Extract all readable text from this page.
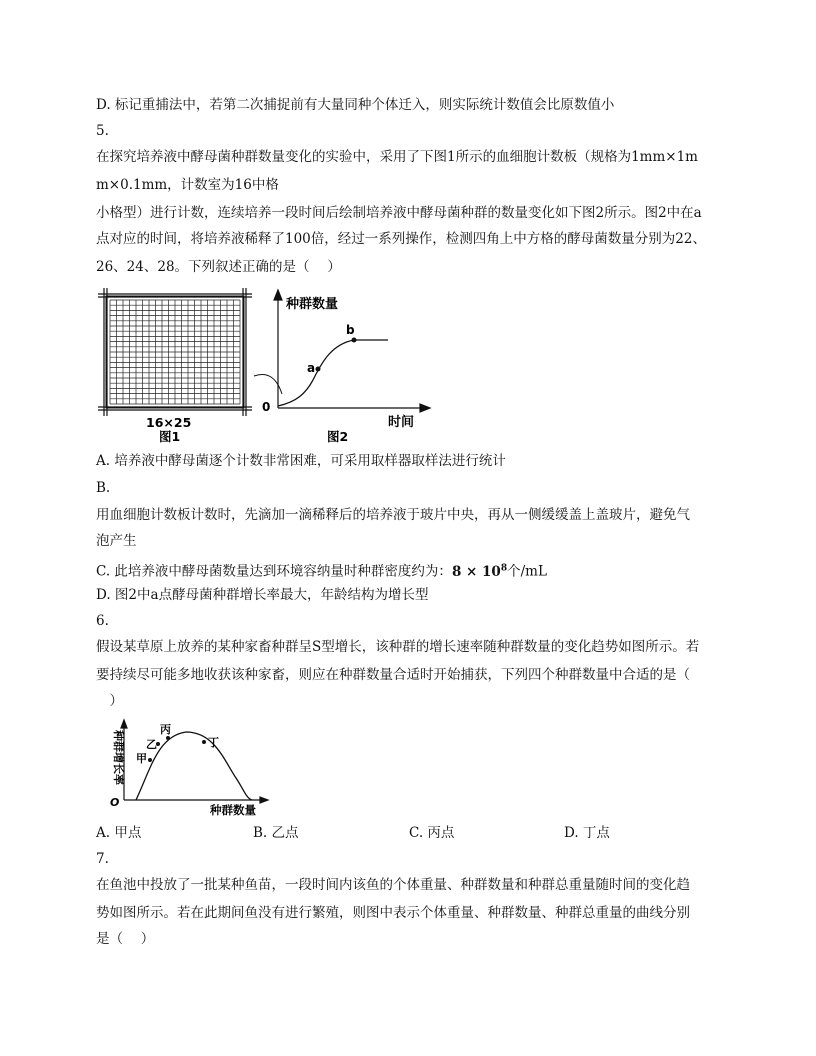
D. 标记重捕法中，若第二次捕捉前有大量同种个体迁入，则实际统计数值会比原数值小
5.
在探究培养液中酵母菌种群数量变化的实验中，采用了下图1所示的血细胞计数板（规格为1mm×1m
m×0.1mm，计数室为16中格
小格型）进行计数，连续培养一段时间后绘制培养液中酵母菌种群的数量变化如下图2所示。图2中在a
点对应的时间，将培养液稀释了100倍，经过一系列操作，检测四角上中方格的酵母菌数量分别为22、
26、24、28。下列叙述正确的是（　 ）
16×25
图1
种群数量
时间
0
a
b
图2
A. 培养液中酵母菌逐个计数非常困难，可采用取样器取样法进行统计
B.
用血细胞计数板计数时，先滴加一滴稀释后的培养液于玻片中央，再从一侧缓缓盖上盖玻片，避免气
泡产生
C. 此培养液中酵母菌数量达到环境容纳量时种群密度约为：$8 \times 10^8$个/mL
D. 图2中a点酵母菌种群增长率最大，年龄结构为增长型
6.
假设某草原上放养的某种家畜种群呈S型增长，该种群的增长速率随种群数量的变化趋势如图所示。若
要持续尽可能多地收获该种家畜，则应在种群数量合适时开始捕获，下列四个种群数量中合适的是（
　）
种群增长率
种群数量
O
甲
乙
丙
丁
A. 甲点	B. 乙点	C. 丙点	D. 丁点
7.
在鱼池中投放了一批某种鱼苗，一段时间内该鱼的个体重量、种群数量和种群总重量随时间的变化趋
势如图所示。若在此期间鱼没有进行繁殖，则图中表示个体重量、种群数量、种群总重量的曲线分别
是（　 ）
